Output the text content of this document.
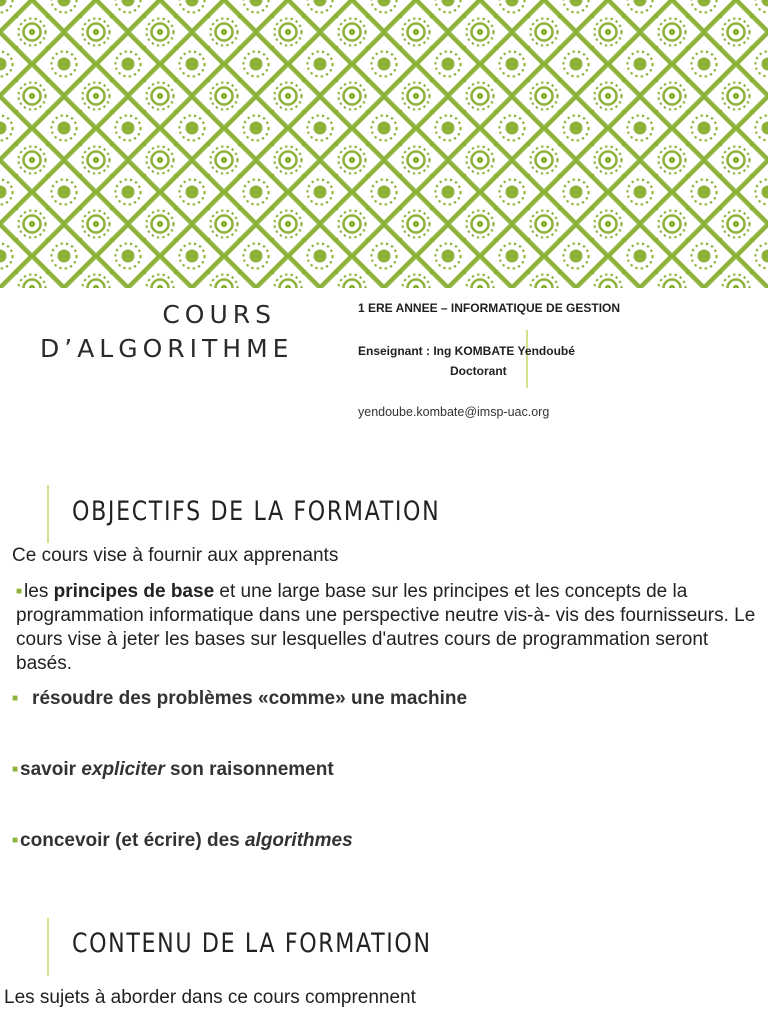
COURS
D’ALGORITHME
1 ERE ANNEE – INFORMATIQUE DE GESTION
Enseignant : Ing KOMBATE Yendoubé
Doctorant
yendoube.kombate@imsp-uac.org
OBJECTIFS DE LA FORMATION
Ce cours vise à fournir aux apprenants
■ les principes de base et une large base sur les principes et les concepts de la programmation informatique dans une perspective neutre vis-à- vis des fournisseurs. Le cours vise à jeter les bases sur lesquelles d'autres cours de programmation seront basés.
■ résoudre des problèmes «comme» une machine
■ savoir expliciter son raisonnement
■ concevoir (et écrire) des algorithmes
CONTENU DE LA FORMATION
Les sujets à aborder dans ce cours comprennent
